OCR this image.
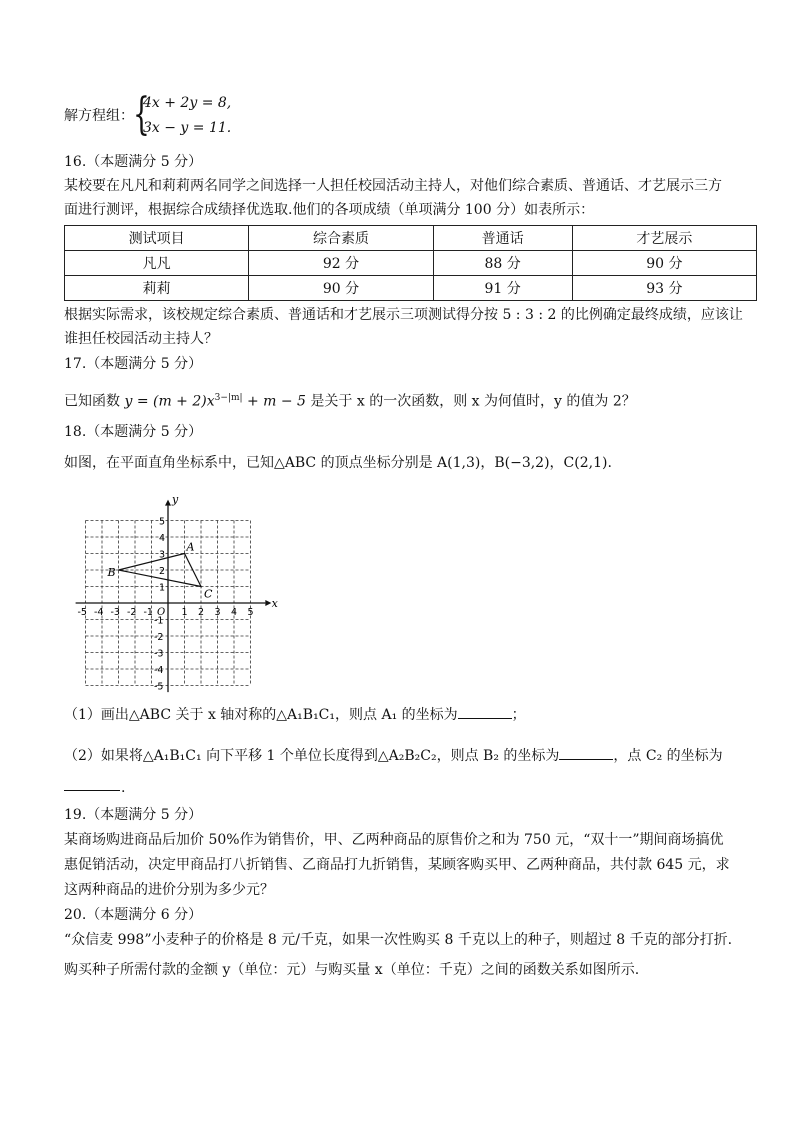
解方程组： {
4x + 2y = 8,
3x − y = 11.
16.（本题满分 5 分）
某校要在凡凡和莉莉两名同学之间选择一人担任校园活动主持人，对他们综合素质、普通话、才艺展示三方
面进行测评，根据综合成绩择优选取.他们的各项成绩（单项满分 100 分）如表所示：
测试项目	综合素质	普通话	才艺展示
凡凡	92 分	88 分	90 分
莉莉	90 分	91 分	93 分
根据实际需求，该校规定综合素质、普通话和才艺展示三项测试得分按 5 : 3 : 2 的比例确定最终成绩，应该让
谁担任校园活动主持人？
17.（本题满分 5 分）
已知函数 $y = (m + 2)x^{3-|m|} + m - 5$ 是关于 x 的一次函数，则 x 为何值时，y 的值为 2？
18.（本题满分 5 分）
如图，在平面直角坐标系中，已知△ABC 的顶点坐标分别是 A(1,3)，B(−3,2)，C(2,1).
x
y
-5 -4 -3 -2 -1	1 2 3 4 5
5
4
3
2
1
-1
-2
-3
-4
-5
O
A
B
C
（1）画出△ABC 关于 x 轴对称的△A₁B₁C₁，则点 A₁ 的坐标为	；
（2）如果将△A₁B₁C₁ 向下平移 1 个单位长度得到△A₂B₂C₂，则点 B₂ 的坐标为	，点 C₂ 的坐标为
.
19.（本题满分 5 分）
某商场购进商品后加价 50%作为销售价，甲、乙两种商品的原售价之和为 750 元，“双十一”期间商场搞优
惠促销活动，决定甲商品打八折销售、乙商品打九折销售，某顾客购买甲、乙两种商品，共付款 645 元，求
这两种商品的进价分别为多少元？
20.（本题满分 6 分）
“众信麦 998”小麦种子的价格是 8 元/千克，如果一次性购买 8 千克以上的种子，则超过 8 千克的部分打折.
购买种子所需付款的金额 y（单位：元）与购买量 x（单位：千克）之间的函数关系如图所示.
